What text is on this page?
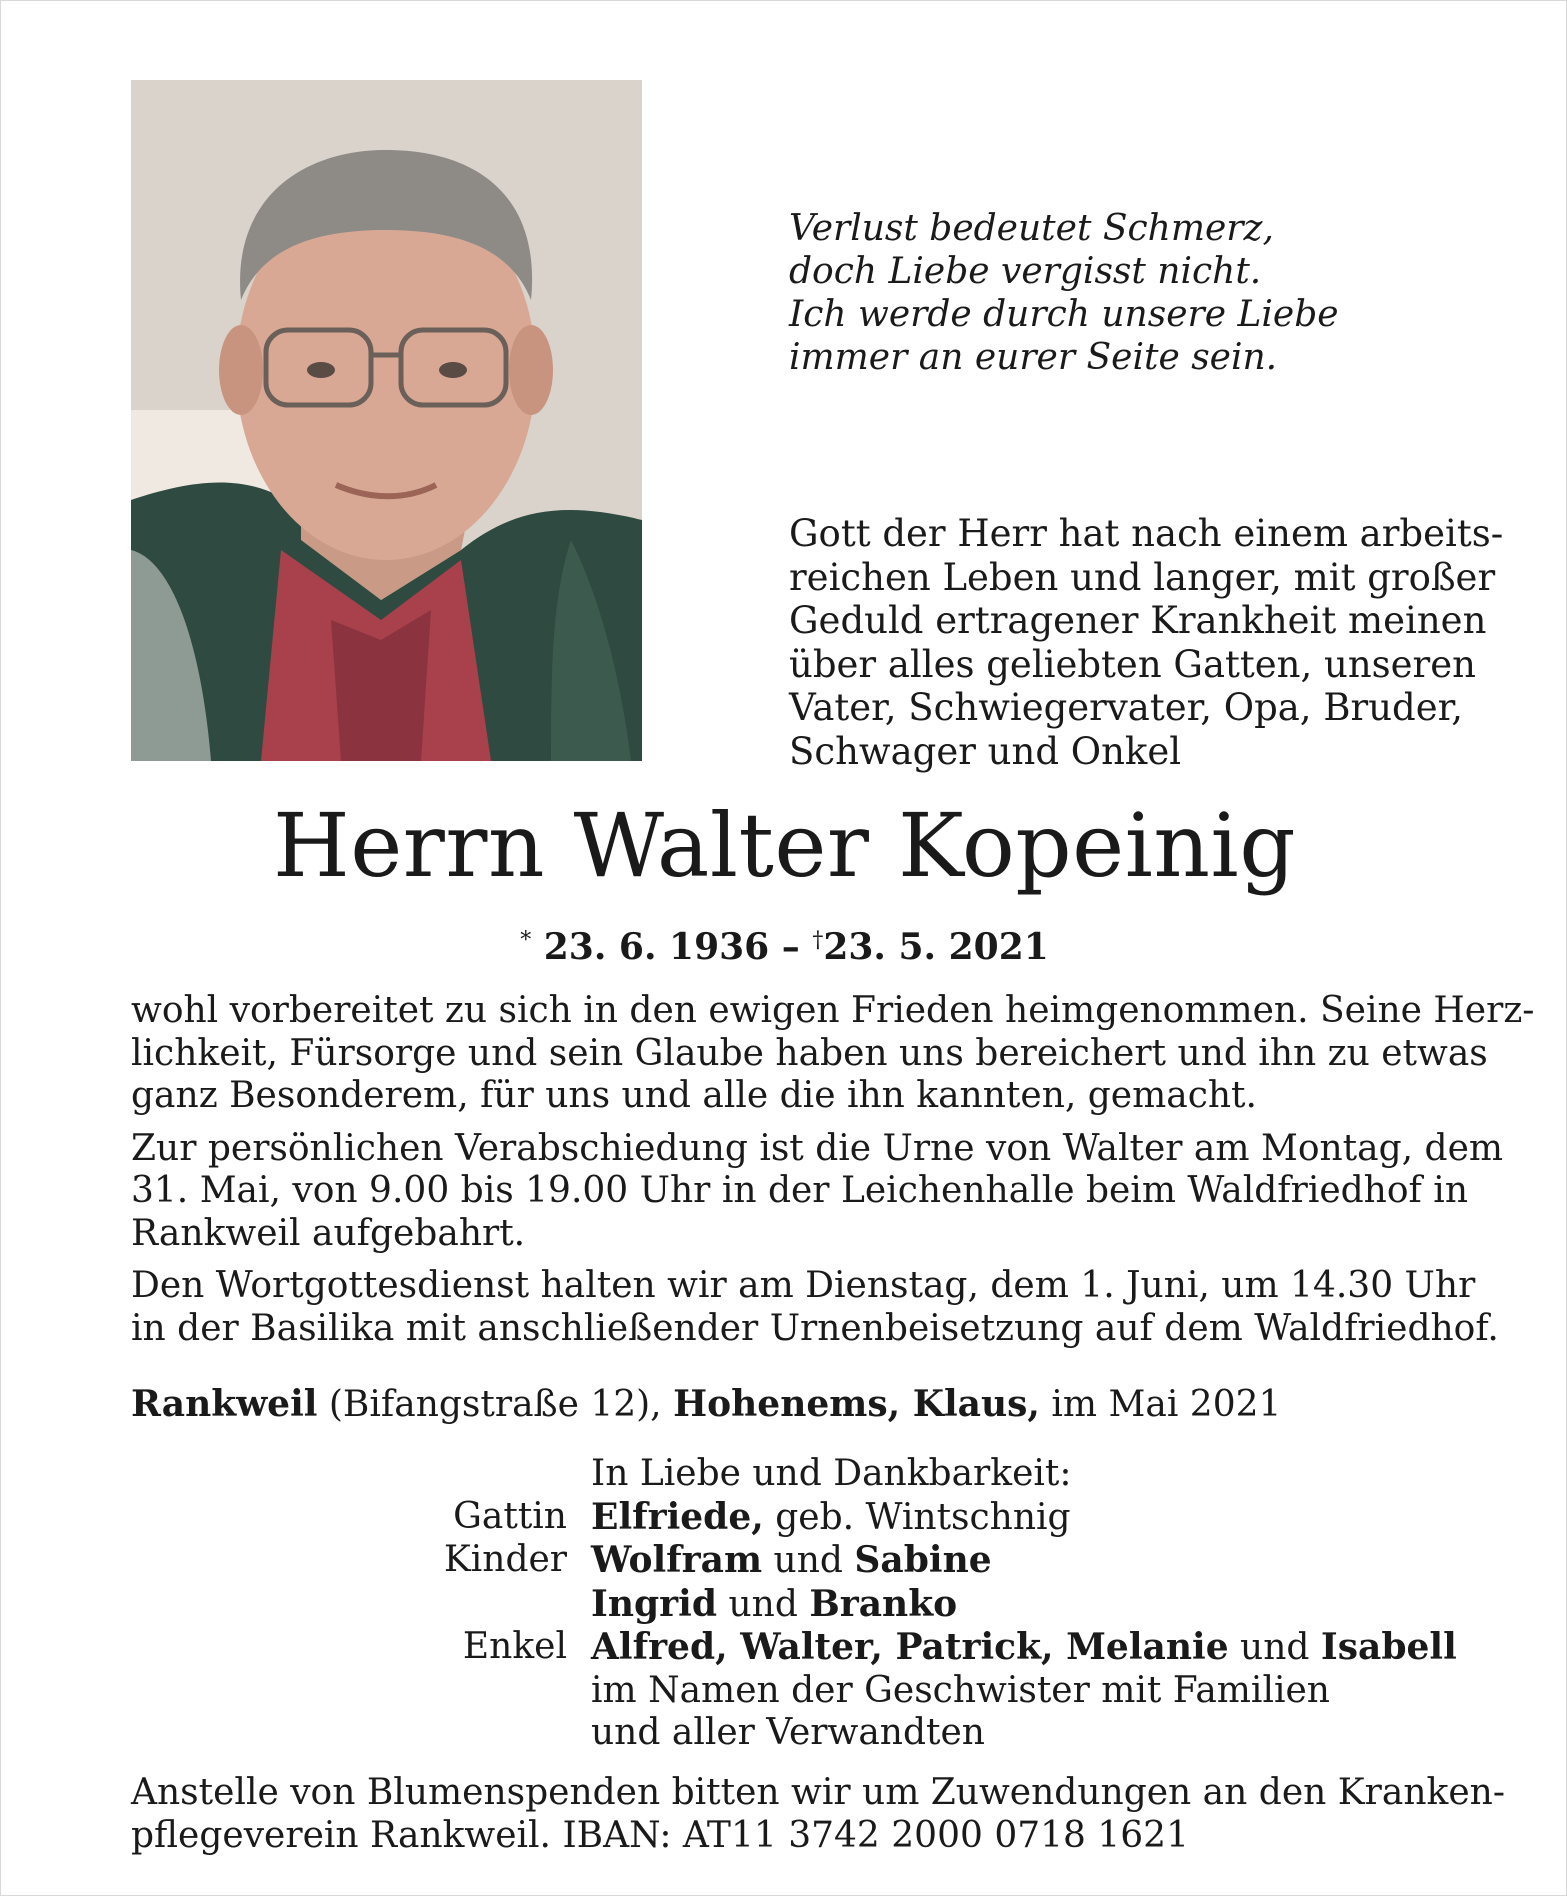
Verlust bedeutet Schmerz,
doch Liebe vergisst nicht.
Ich werde durch unsere Liebe
immer an eurer Seite sein.
Gott der Herr hat nach einem arbeits-
reichen Leben und langer, mit großer
Geduld ertragener Krankheit meinen
über alles geliebten Gatten, unseren
Vater, Schwiegervater, Opa, Bruder,
Schwager und Onkel
Herrn Walter Kopeinig
* 23. 6. 1936 – †23. 5. 2021
wohl vorbereitet zu sich in den ewigen Frieden heimgenommen. Seine Herz-
lichkeit, Fürsorge und sein Glaube haben uns bereichert und ihn zu etwas
ganz Besonderem, für uns und alle die ihn kannten, gemacht.
Zur persönlichen Verabschiedung ist die Urne von Walter am Montag, dem
31. Mai, von 9.00 bis 19.00 Uhr in der Leichenhalle beim Waldfriedhof in
Rankweil aufgebahrt.
Den Wortgottesdienst halten wir am Dienstag, dem 1. Juni, um 14.30 Uhr
in der Basilika mit anschließender Urnenbeisetzung auf dem Waldfriedhof.
Rankweil (Bifangstraße 12), Hohenems, Klaus, im Mai 2021
In Liebe und Dankbarkeit:
Gattin Elfriede, geb. Wintschnig
Kinder Wolfram und Sabine
Ingrid und Branko
Enkel Alfred, Walter, Patrick, Melanie und Isabell
im Namen der Geschwister mit Familien
und aller Verwandten
Anstelle von Blumenspenden bitten wir um Zuwendungen an den Kranken-
pflegeverein Rankweil. IBAN: AT11 3742 2000 0718 1621
